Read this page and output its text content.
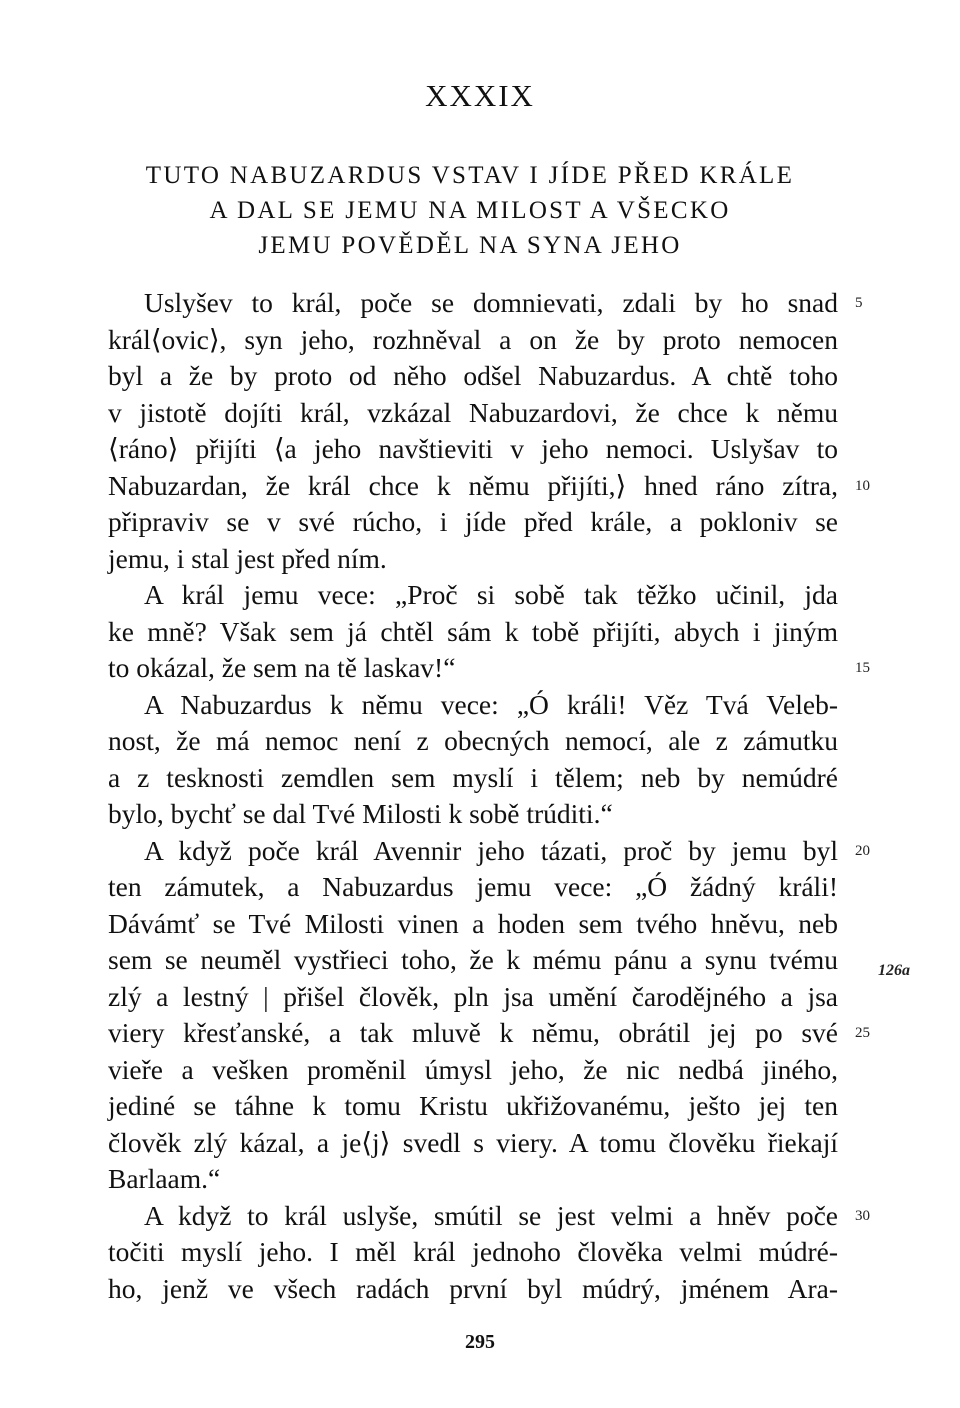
XXXIX
TUTO NABUZARDUS VSTAV I JÍDE PŘED KRÁLE
A DAL SE JEMU NA MILOST A VŠECKO
JEMU POVĚDĚL NA SYNA JEHO
Uslyšev to král, poče se domnievati, zdali by ho snad
král⟨ovic⟩, syn jeho, rozhněval a on že by proto nemocen
byl a že by proto od něho odšel Nabuzardus. A chtě toho
v jistotě dojíti král, vzkázal Nabuzardovi, že chce k němu
⟨ráno⟩ přijíti ⟨a jeho navštieviti v jeho nemoci. Uslyšav to
Nabuzardan, že král chce k němu přijíti,⟩ hned ráno zítra,
připraviv se v své rúcho, i jíde před krále, a pokloniv se
jemu, i stal jest před ním.
A král jemu vece: „Proč si sobě tak těžko učinil, jda
ke mně? Však sem já chtěl sám k tobě přijíti, abych i jiným
to okázal, že sem na tě laskav!“
A Nabuzardus k němu vece: „Ó králi! Věz Tvá Veleb-
nost, že má nemoc není z obecných nemocí, ale z zámutku
a z tesknosti zemdlen sem myslí i tělem; neb by nemúdré
bylo, bychť se dal Tvé Milosti k sobě trúditi.“
A když poče král Avennir jeho tázati, proč by jemu byl
ten zámutek, a Nabuzardus jemu vece: „Ó žádný králi!
Dávámť se Tvé Milosti vinen a hoden sem tvého hněvu, neb
sem se neuměl vystřieci toho, že k mému pánu a synu tvému
zlý a lestný | přišel člověk, pln jsa umění čarodějného a jsa
viery křesťanské, a tak mluvě k němu, obrátil jej po své
vieře a vešken proměnil úmysl jeho, že nic nedbá jiného,
jediné se táhne k tomu Kristu ukřižovanému, ješto jej ten
člověk zlý kázal, a je⟨j⟩ svedl s viery. A tomu člověku řiekají
Barlaam.“
A když to král uslyše, smútil se jest velmi a hněv poče
točiti myslí jeho. I měl král jednoho člověka velmi múdré-
ho, jenž ve všech radách první byl múdrý, jménem Ara-
5
10
15
20
25
30
126a
295
